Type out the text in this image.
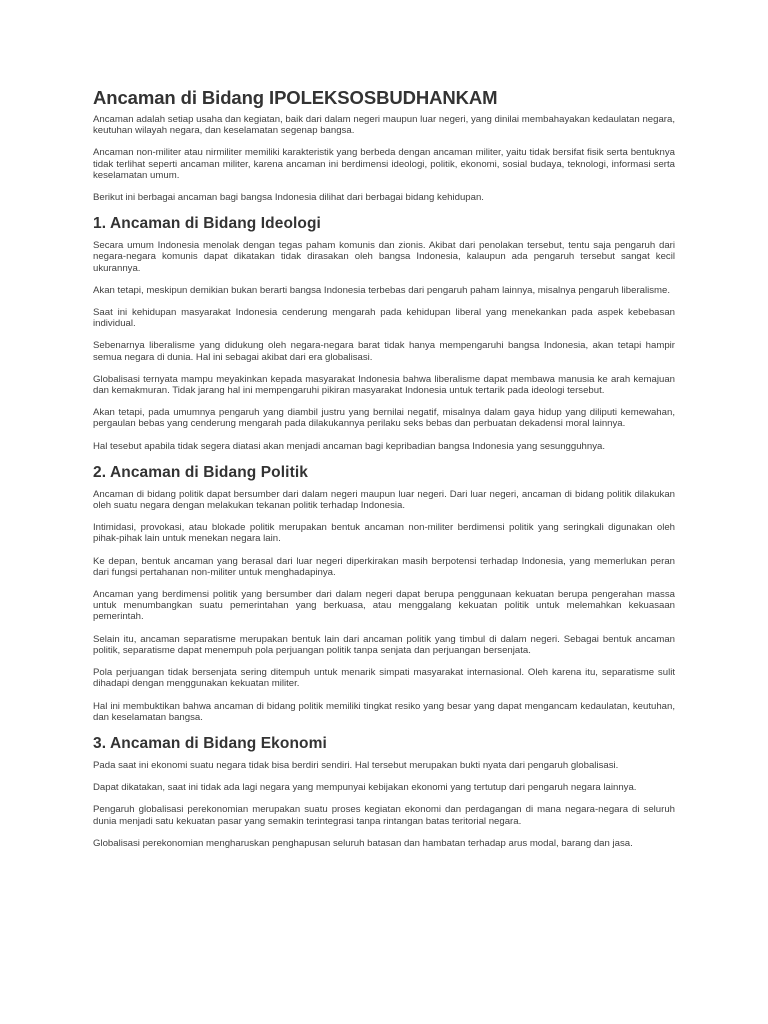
Ancaman di Bidang IPOLEKSOSBUDHANKAM

Ancaman adalah setiap usaha dan kegiatan, baik dari dalam negeri maupun luar negeri, yang dinilai membahayakan kedaulatan negara, keutuhan wilayah negara, dan keselamatan segenap bangsa.

Ancaman non-militer atau nirmiliter memiliki karakteristik yang berbeda dengan ancaman militer, yaitu tidak bersifat fisik serta bentuknya tidak terlihat seperti ancaman militer, karena ancaman ini berdimensi ideologi, politik, ekonomi, sosial budaya, teknologi, informasi serta keselamatan umum.

Berikut ini berbagai ancaman bagi bangsa Indonesia dilihat dari berbagai bidang kehidupan.

1. Ancaman di Bidang Ideologi

Secara umum Indonesia menolak dengan tegas paham komunis dan zionis. Akibat dari penolakan tersebut, tentu saja pengaruh dari negara-negara komunis dapat dikatakan tidak dirasakan oleh bangsa Indonesia, kalaupun ada pengaruh tersebut sangat kecil ukurannya.

Akan tetapi, meskipun demikian bukan berarti bangsa Indonesia terbebas dari pengaruh paham lainnya, misalnya pengaruh liberalisme.

Saat ini kehidupan masyarakat Indonesia cenderung mengarah pada kehidupan liberal yang menekankan pada aspek kebebasan individual.

Sebenarnya liberalisme yang didukung oleh negara-negara barat tidak hanya mempengaruhi bangsa Indonesia, akan tetapi hampir semua negara di dunia. Hal ini sebagai akibat dari era globalisasi.

Globalisasi ternyata mampu meyakinkan kepada masyarakat Indonesia bahwa liberalisme dapat membawa manusia ke arah kemajuan dan kemakmuran. Tidak jarang hal ini mempengaruhi pikiran masyarakat Indonesia untuk tertarik pada ideologi tersebut.

Akan tetapi, pada umumnya pengaruh yang diambil justru yang bernilai negatif, misalnya dalam gaya hidup yang diliputi kemewahan, pergaulan bebas yang cenderung mengarah pada dilakukannya perilaku seks bebas dan perbuatan dekadensi moral lainnya.

Hal tesebut apabila tidak segera diatasi akan menjadi ancaman bagi kepribadian bangsa Indonesia yang sesungguhnya.

2. Ancaman di Bidang Politik

Ancaman di bidang politik dapat bersumber dari dalam negeri maupun luar negeri. Dari luar negeri, ancaman di bidang politik dilakukan oleh suatu negara dengan melakukan tekanan politik terhadap Indonesia.

Intimidasi, provokasi, atau blokade politik merupakan bentuk ancaman non-militer berdimensi politik yang seringkali digunakan oleh pihak-pihak lain untuk menekan negara lain.

Ke depan, bentuk ancaman yang berasal dari luar negeri diperkirakan masih berpotensi terhadap Indonesia, yang memerlukan peran dari fungsi pertahanan non-militer untuk menghadapinya.

Ancaman yang berdimensi politik yang bersumber dari dalam negeri dapat berupa penggunaan kekuatan berupa pengerahan massa untuk menumbangkan suatu pemerintahan yang berkuasa, atau menggalang kekuatan politik untuk melemahkan kekuasaan pemerintah.

Selain itu, ancaman separatisme merupakan bentuk lain dari ancaman politik yang timbul di dalam negeri. Sebagai bentuk ancaman politik, separatisme dapat menempuh pola perjuangan politik tanpa senjata dan perjuangan bersenjata.

Pola perjuangan tidak bersenjata sering ditempuh untuk menarik simpati masyarakat internasional. Oleh karena itu, separatisme sulit dihadapi dengan menggunakan kekuatan militer.

Hal ini membuktikan bahwa ancaman di bidang politik memiliki tingkat resiko yang besar yang dapat mengancam kedaulatan, keutuhan, dan keselamatan bangsa.

3. Ancaman di Bidang Ekonomi

Pada saat ini ekonomi suatu negara tidak bisa berdiri sendiri. Hal tersebut merupakan bukti nyata dari pengaruh globalisasi.

Dapat dikatakan, saat ini tidak ada lagi negara yang mempunyai kebijakan ekonomi yang tertutup dari pengaruh negara lainnya.

Pengaruh globalisasi perekonomian merupakan suatu proses kegiatan ekonomi dan perdagangan di mana negara-negara di seluruh dunia menjadi satu kekuatan pasar yang semakin terintegrasi tanpa rintangan batas teritorial negara.

Globalisasi perekonomian mengharuskan penghapusan seluruh batasan dan hambatan terhadap arus modal, barang dan jasa.
